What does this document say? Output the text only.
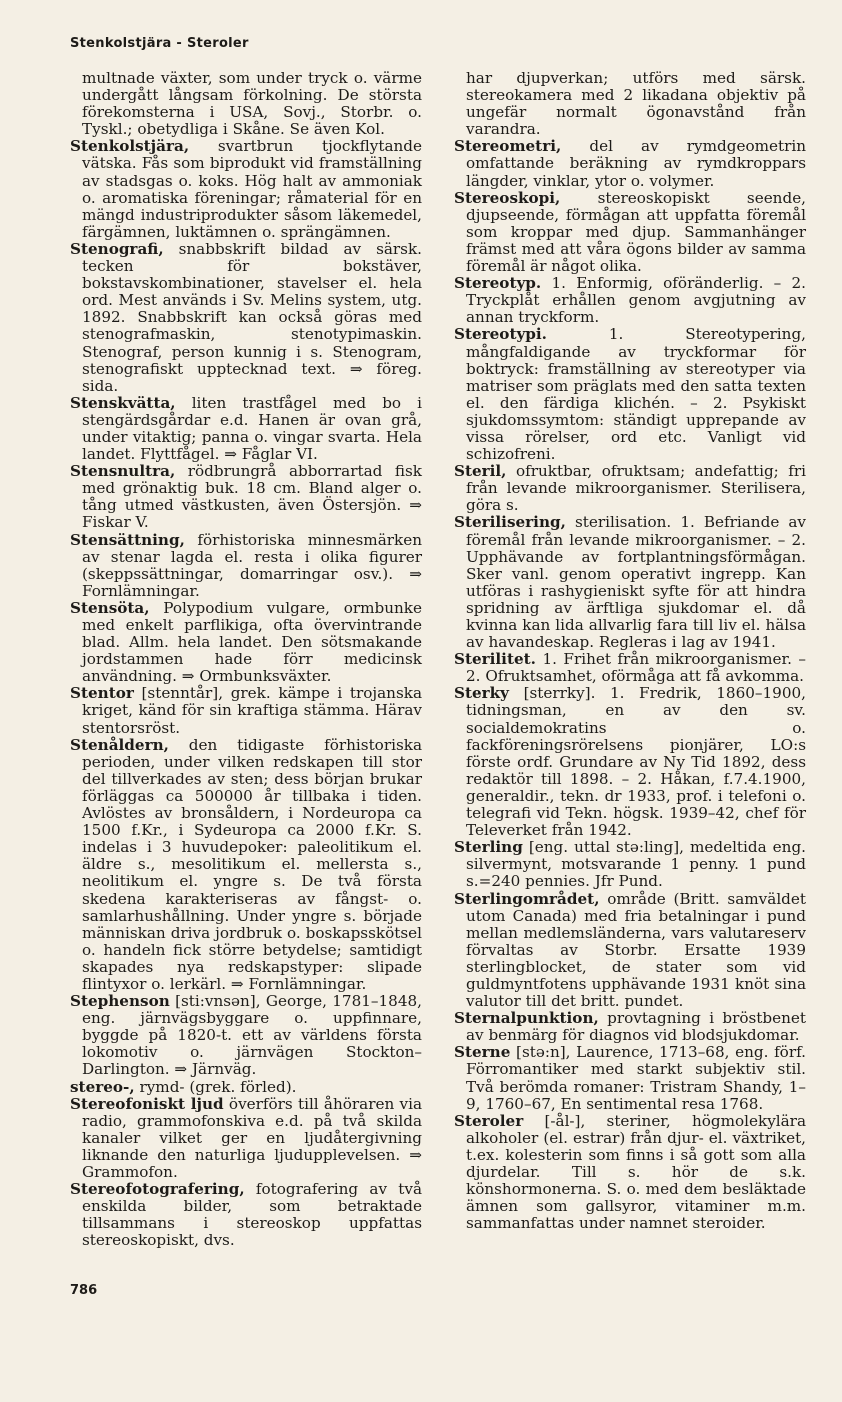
Stenkolstjära - Steroler

multnade växter, som under tryck o. värme undergått långsam förkolning. De största förekomsterna i USA, Sovj., Storbr. o. Tyskl.; obetydliga i Skåne. Se även Kol.

Stenkolstjära, svartbrun tjockflytande vätska. Fås som biprodukt vid framställning av stadsgas o. koks. Hög halt av ammoniak o. aromatiska föreningar; råmaterial för en mängd industriprodukter såsom läkemedel, färgämnen, luktämnen o. sprängämnen.

Stenografi, snabbskrift bildad av särsk. tecken för bokstäver, bokstavskombinationer, stavelser el. hela ord. Mest används i Sv. Melins system, utg. 1892. Snabbskrift kan också göras med stenografmaskin, stenotypimaskin. Stenograf, person kunnig i s. Stenogram, stenografiskt upptecknad text. ⇒ föreg. sida.

Stenskvätta, liten trastfågel med bo i stengärdsgårdar e.d. Hanen är ovan grå, under vitaktig; panna o. vingar svarta. Hela landet. Flyttfågel. ⇒ Fåglar VI.

Stensnultra, rödbrungrå abborrartad fisk med grönaktig buk. 18 cm. Bland alger o. tång utmed västkusten, även Östersjön. ⇒ Fiskar V.

Stensättning, förhistoriska minnesmärken av stenar lagda el. resta i olika figurer (skeppssättningar, domarringar osv.). ⇒ Fornlämningar.

Stensöta, Polypodium vulgare, ormbunke med enkelt parflikiga, ofta övervintrande blad. Allm. hela landet. Den sötsmakande jordstammen hade förr medicinsk användning. ⇒ Ormbunksväxter.

Stentor [stenntår], grek. kämpe i trojanska kriget, känd för sin kraftiga stämma. Härav stentorsröst.

Stenåldern, den tidigaste förhistoriska perioden, under vilken redskapen till stor del tillverkades av sten; dess början brukar förläggas ca 500000 år tillbaka i tiden. Avlöstes av bronsåldern, i Nordeuropa ca 1500 f.Kr., i Sydeuropa ca 2000 f.Kr. S. indelas i 3 huvudepoker: paleolitikum el. äldre s., mesolitikum el. mellersta s., neolitikum el. yngre s. De två första skedena karakteriseras av fångst- o. samlarhushållning. Under yngre s. började människan driva jordbruk o. boskapsskötsel o. handeln fick större betydelse; samtidigt skapades nya redskapstyper: slipade flintyxor o. lerkärl. ⇒ Fornlämningar.

Stephenson [sti:vnsən], George, 1781–1848, eng. järnvägsbyggare o. uppfinnare, byggde på 1820-t. ett av världens första lokomotiv o. järnvägen Stockton–Darlington. ⇒ Järnväg.

stereo-, rymd- (grek. förled).

Stereofoniskt ljud överförs till åhöraren via radio, grammofonskiva e.d. på två skilda kanaler vilket ger en ljudåtergivning liknande den naturliga ljudupplevelsen. ⇒ Grammofon.

Stereofotografering, fotografering av två enskilda bilder, som betraktade tillsammans i stereoskop uppfattas stereoskopiskt, dvs.

har djupverkan; utförs med särsk. stereokamera med 2 likadana objektiv på ungefär normalt ögonavstånd från varandra.

Stereometri, del av rymdgeometrin omfattande beräkning av rymdkroppars längder, vinklar, ytor o. volymer.

Stereoskopi, stereoskopiskt seende, djupseende, förmågan att uppfatta föremål som kroppar med djup. Sammanhänger främst med att våra ögons bilder av samma föremål är något olika.

Stereotyp. 1. Enformig, oföränderlig. – 2. Tryckplåt erhållen genom avgjutning av annan tryckform.

Stereotypi.	1. Stereotypering, mångfaldigande av tryckformar för boktryck: framställning av stereotyper via matriser som präglats med den satta texten el. den färdiga klichén. – 2. Psykiskt sjukdomssymtom: ständigt upprepande av vissa rörelser, ord etc. Vanligt vid schizofreni.

Steril, ofruktbar, ofruktsam; andefattig; fri från levande mikroorganismer. Sterilisera, göra s.

Sterilisering, sterilisation. 1. Befriande av föremål från levande mikroorganismer. – 2. Upphävande av fortplantningsförmågan. Sker vanl. genom operativt ingrepp. Kan utföras i rashygieniskt syfte för att hindra spridning av ärftliga sjukdomar el. då kvinna kan lida allvarlig fara till liv el. hälsa av havandeskap. Regleras i lag av 1941.

Sterilitet. 1. Frihet från mikroorganismer. – 2. Ofruktsamhet, oförmåga att få avkomma.

Sterky [sterrky]. 1. Fredrik, 1860–1900, tidningsman, en av den sv. socialdemokratins o. fackföreningsrörelsens pionjärer, LO:s förste ordf. Grundare av Ny Tid 1892, dess redaktör till 1898. – 2. Håkan, f.7.4.1900, generaldir., tekn. dr 1933, prof. i telefoni o. telegrafi vid Tekn. högsk. 1939–42, chef för Televerket från 1942.

Sterling [eng. uttal stə:ling], medeltida eng. silvermynt, motsvarande 1 penny. 1 pund s.=240 pennies. Jfr Pund.

Sterlingområdet, område (Britt. samväldet utom Canada) med fria betalningar i pund mellan medlemsländerna, vars valutareserv förvaltas av Storbr. Ersatte 1939 sterlingblocket, de stater som vid guldmyntfotens upphävande 1931 knöt sina valutor till det britt. pundet.

Sternalpunktion, provtagning i bröstbenet av benmärg för diagnos vid blodsjukdomar.

Sterne [stə:n], Laurence, 1713–68, eng. förf. Förromantiker med starkt subjektiv stil. Två berömda romaner: Tristram Shandy, 1–9, 1760–67, En sentimental resa 1768.

Steroler [-ål-], steriner, högmolekylära alkoholer (el. estrar) från djur- el. växtriket, t.ex. kolesterin som finns i så gott som alla djurdelar. Till s. hör de s.k. könshormonerna. S. o. med dem besläktade ämnen som gallsyror, vitaminer m.m. sammanfattas under namnet steroider.

786
